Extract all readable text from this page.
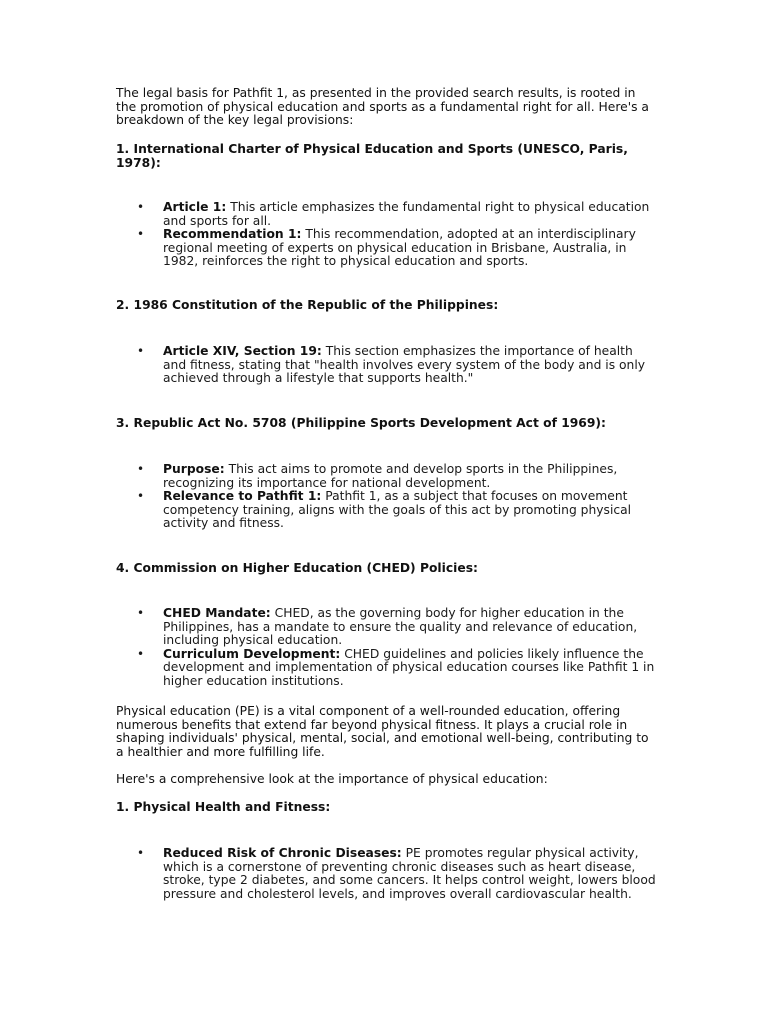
The legal basis for Pathfit 1, as presented in the provided search results, is rooted in the promotion of physical education and sports as a fundamental right for all. Here's a breakdown of the key legal provisions:

1. International Charter of Physical Education and Sports (UNESCO, Paris, 1978):

• Article 1: This article emphasizes the fundamental right to physical education and sports for all.
• Recommendation 1: This recommendation, adopted at an interdisciplinary regional meeting of experts on physical education in Brisbane, Australia, in 1982, reinforces the right to physical education and sports.

2. 1986 Constitution of the Republic of the Philippines:

• Article XIV, Section 19: This section emphasizes the importance of health and fitness, stating that "health involves every system of the body and is only achieved through a lifestyle that supports health."

3. Republic Act No. 5708 (Philippine Sports Development Act of 1969):

• Purpose: This act aims to promote and develop sports in the Philippines, recognizing its importance for national development.
• Relevance to Pathfit 1: Pathfit 1, as a subject that focuses on movement competency training, aligns with the goals of this act by promoting physical activity and fitness.

4. Commission on Higher Education (CHED) Policies:

• CHED Mandate: CHED, as the governing body for higher education in the Philippines, has a mandate to ensure the quality and relevance of education, including physical education.
• Curriculum Development: CHED guidelines and policies likely influence the development and implementation of physical education courses like Pathfit 1 in higher education institutions.

Physical education (PE) is a vital component of a well-rounded education, offering numerous benefits that extend far beyond physical fitness. It plays a crucial role in shaping individuals' physical, mental, social, and emotional well-being, contributing to a healthier and more fulfilling life.

Here's a comprehensive look at the importance of physical education:

1. Physical Health and Fitness:

• Reduced Risk of Chronic Diseases: PE promotes regular physical activity, which is a cornerstone of preventing chronic diseases such as heart disease, stroke, type 2 diabetes, and some cancers. It helps control weight, lowers blood pressure and cholesterol levels, and improves overall cardiovascular health.
